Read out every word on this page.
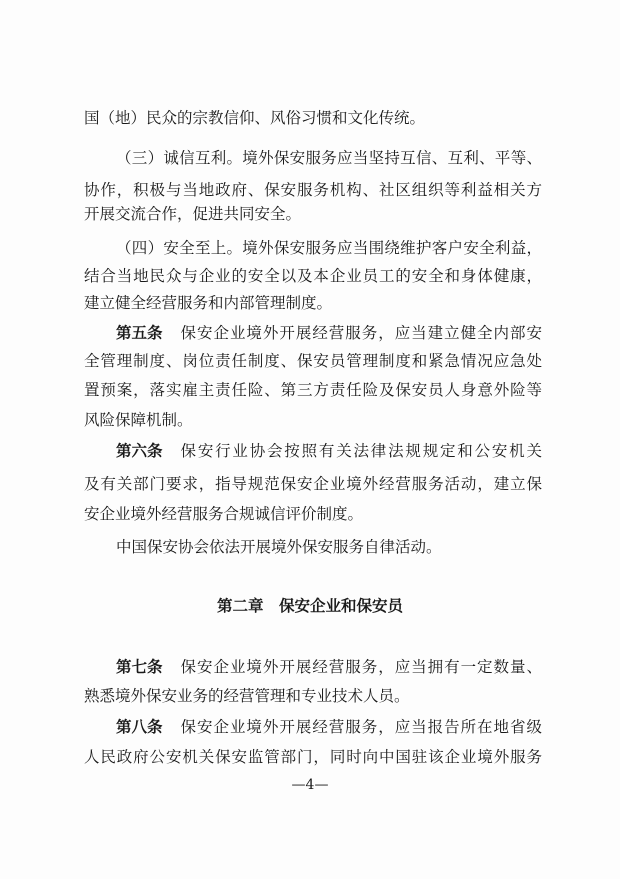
国（地）民众的宗教信仰、风俗习惯和文化传统。
（三）诚信互利。境外保安服务应当坚持互信、互利、平等、
协作，积极与当地政府、保安服务机构、社区组织等利益相关方
开展交流合作，促进共同安全。
（四）安全至上。境外保安服务应当围绕维护客户安全利益，
结合当地民众与企业的安全以及本企业员工的安全和身体健康，
建立健全经营服务和内部管理制度。
第五条 保安企业境外开展经营服务，应当建立健全内部安
全管理制度、岗位责任制度、保安员管理制度和紧急情况应急处
置预案，落实雇主责任险、第三方责任险及保安员人身意外险等
风险保障机制。
第六条 保安行业协会按照有关法律法规规定和公安机关
及有关部门要求，指导规范保安企业境外经营服务活动，建立保
安企业境外经营服务合规诚信评价制度。
中国保安协会依法开展境外保安服务自律活动。
第二章　保安企业和保安员
第七条 保安企业境外开展经营服务，应当拥有一定数量、
熟悉境外保安业务的经营管理和专业技术人员。
第八条 保安企业境外开展经营服务，应当报告所在地省级
人民政府公安机关保安监管部门，同时向中国驻该企业境外服务
—4—
